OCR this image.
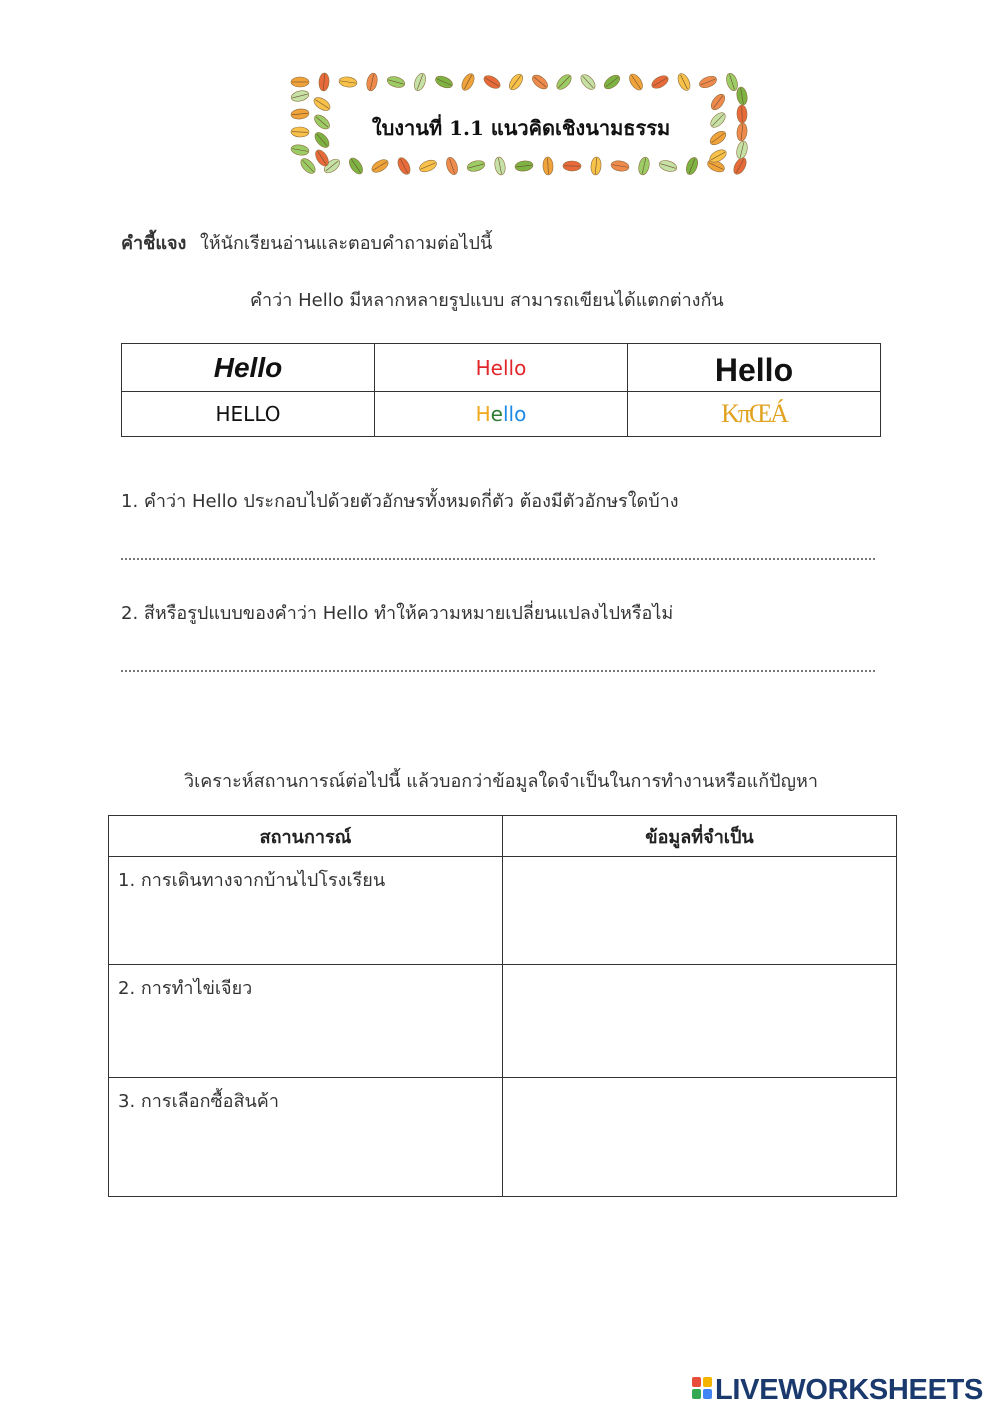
ใบงานที่ 1.1 แนวคิดเชิงนามธรรม
คำชี้แจง ให้นักเรียนอ่านและตอบคำถามต่อไปนี้
คำว่า Hello มีหลากหลายรูปแบบ สามารถเขียนได้แตกต่างกัน
Hello	Hello	Hello
HELLO	Hello	KπŒÁ
1. คำว่า Hello ประกอบไปด้วยตัวอักษรทั้งหมดกี่ตัว ต้องมีตัวอักษรใดบ้าง
2. สีหรือรูปแบบของคำว่า Hello ทำให้ความหมายเปลี่ยนแปลงไปหรือไม่
วิเคราะห์สถานการณ์ต่อไปนี้ แล้วบอกว่าข้อมูลใดจำเป็นในการทำงานหรือแก้ปัญหา
สถานการณ์	ข้อมูลที่จำเป็น

1. การเดินทางจากบ้านไปโรงเรียน	

2. การทำไข่เจียว	

3. การเลือกซื้อสินค้า	

LIVEWORKSHEETS
